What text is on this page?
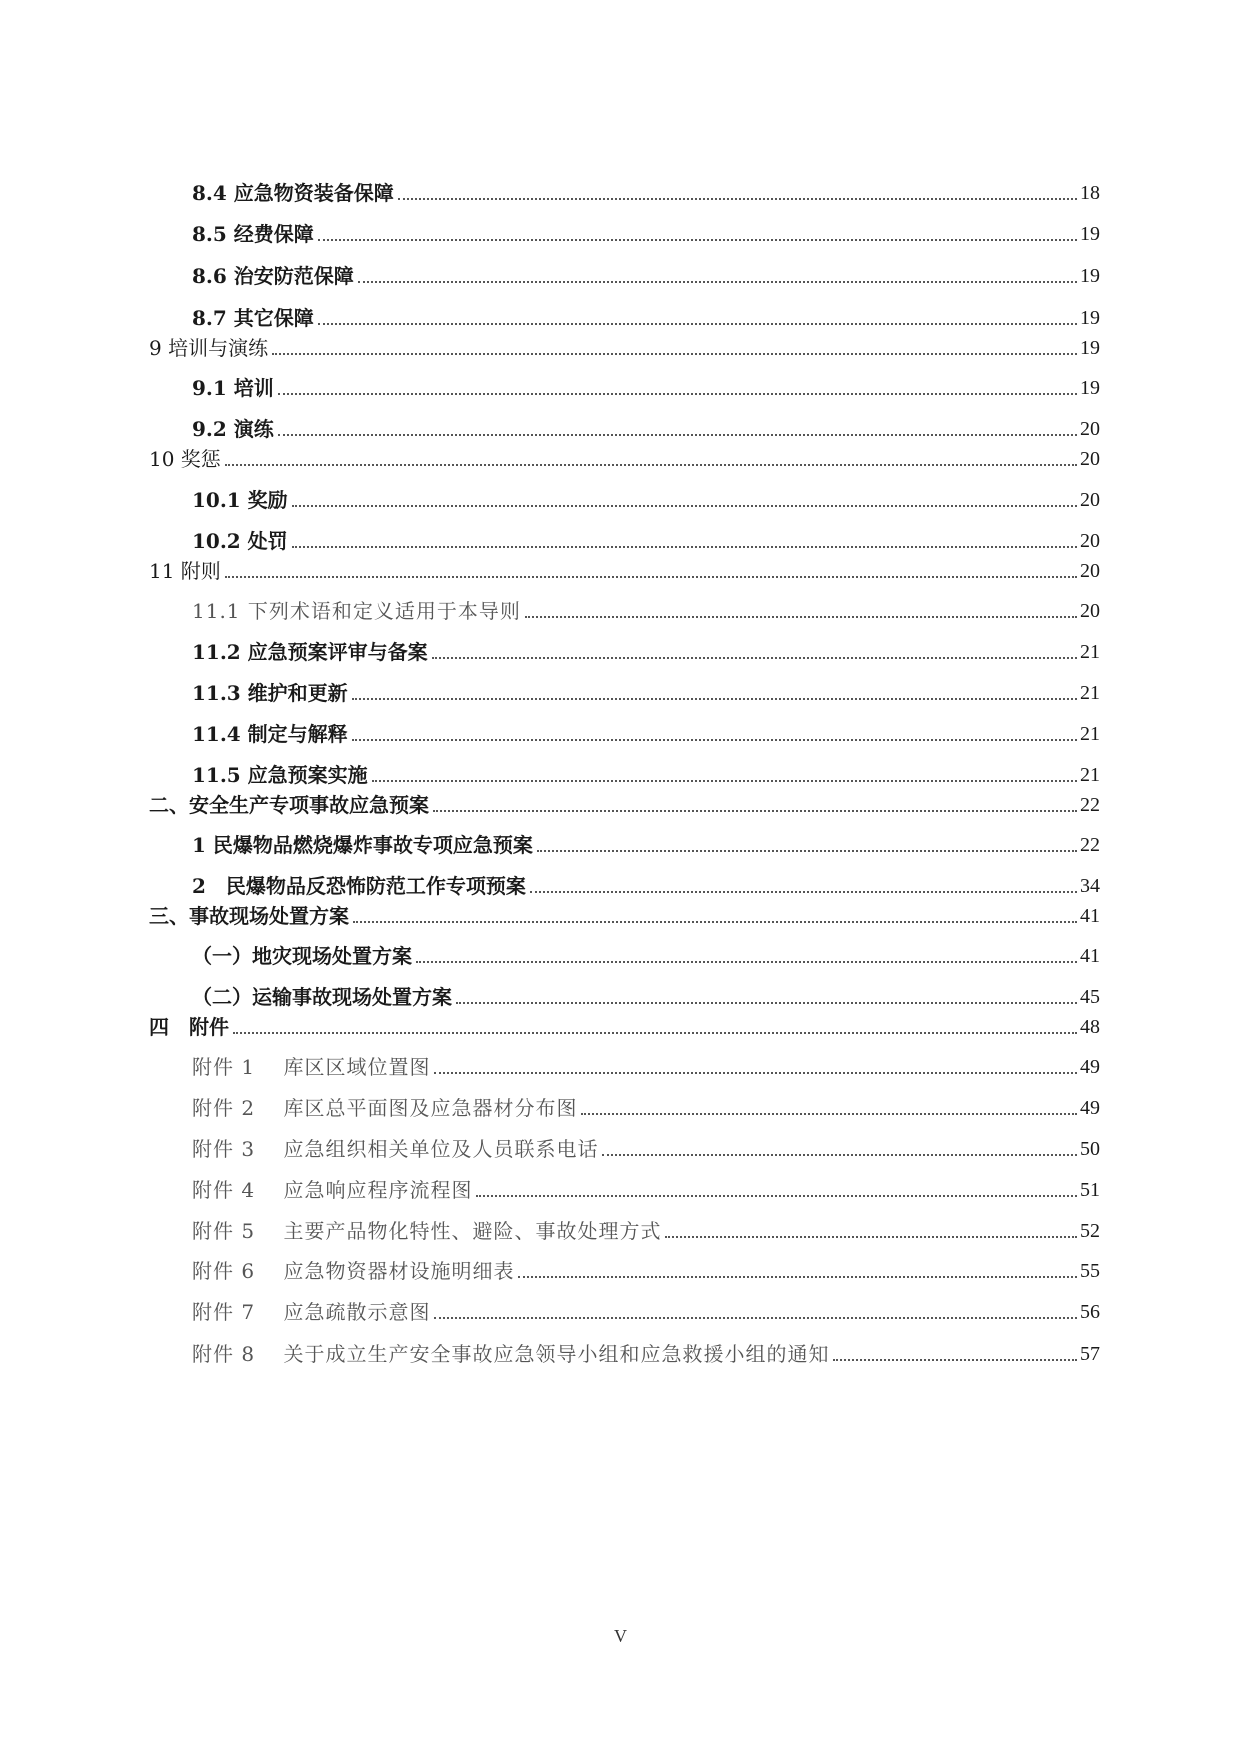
8.4 应急物资装备保障	18
8.5 经费保障	19
8.6 治安防范保障	19
8.7 其它保障	19
9 培训与演练	19
9.1 培训	19
9.2 演练	20
10 奖惩	20
10.1 奖励	20
10.2 处罚	20
11 附则	20
11.1 下列术语和定义适用于本导则	20
11.2 应急预案评审与备案	21
11.3 维护和更新	21
11.4 制定与解释	21
11.5 应急预案实施	21
二、安全生产专项事故应急预案	22
1 民爆物品燃烧爆炸事故专项应急预案	22
2　民爆物品反恐怖防范工作专项预案	34
三、事故现场处置方案	41
（一）地灾现场处置方案	41
（二）运输事故现场处置方案	45
四　附件	48
附件 1　 库区区域位置图	49
附件 2　 库区总平面图及应急器材分布图	49
附件 3　 应急组织相关单位及人员联系电话	50
附件 4　 应急响应程序流程图	51
附件 5　 主要产品物化特性、避险、事故处理方式	52
附件 6　 应急物资器材设施明细表	55
附件 7　 应急疏散示意图	56
附件 8　 关于成立生产安全事故应急领导小组和应急救援小组的通知	57
V
